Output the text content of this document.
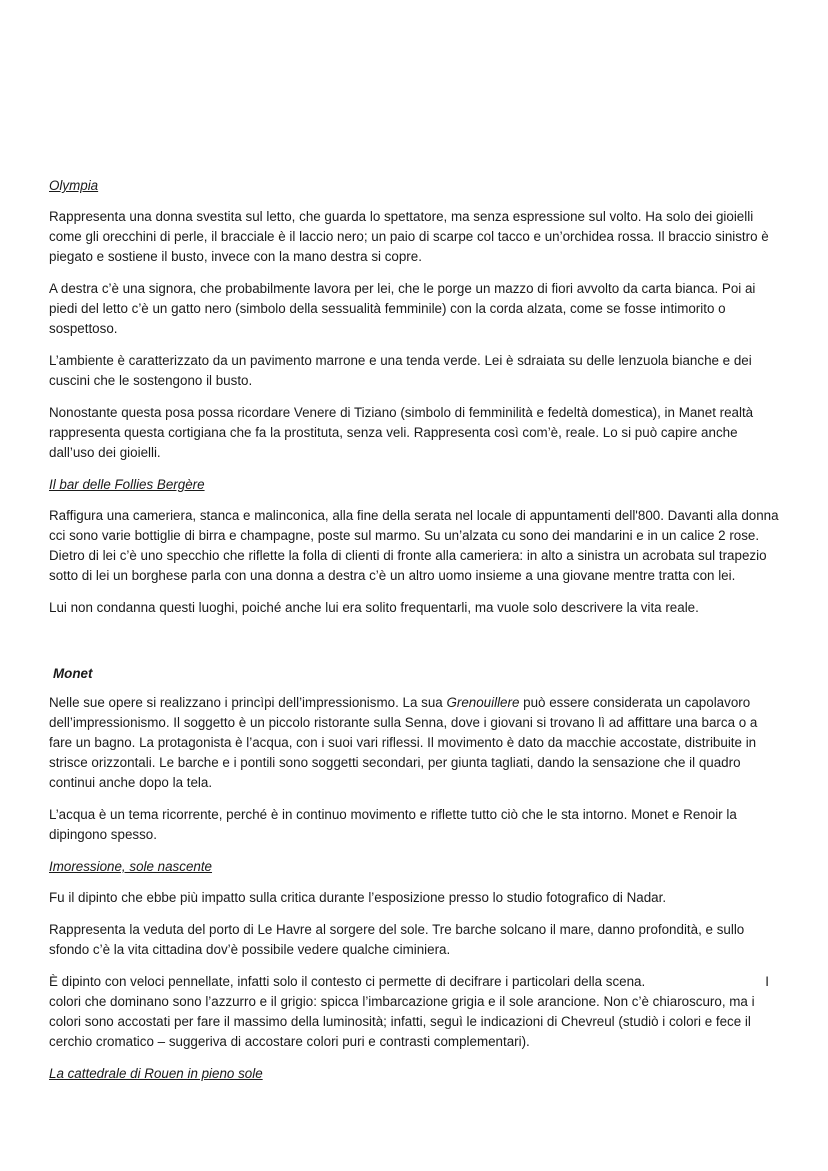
Olympia

Rappresenta una donna svestita sul letto, che guarda lo spettatore, ma senza espressione sul volto. Ha solo dei gioielli come gli orecchini di perle, il bracciale è il laccio nero; un paio di scarpe col tacco e un’orchidea rossa. Il braccio sinistro è piegato e sostiene il busto, invece con la mano destra si copre.

A destra c’è una signora, che probabilmente lavora per lei, che le porge un mazzo di fiori avvolto da carta bianca. Poi ai piedi del letto c’è un gatto nero (simbolo della sessualità femminile) con la corda alzata, come se fosse intimorito o sospettoso.

L’ambiente è caratterizzato da un pavimento marrone e una tenda verde. Lei è sdraiata su delle lenzuola bianche e dei cuscini che le sostengono il busto.

Nonostante questa posa possa ricordare Venere di Tiziano (simbolo di femminilità e fedeltà domestica), in Manet realtà rappresenta questa cortigiana che fa la prostituta, senza veli. Rappresenta così com’è, reale. Lo si può capire anche dall’uso dei gioielli.

Il bar delle Follies Bergère

Raffigura una cameriera, stanca e malinconica, alla fine della serata nel locale di appuntamenti dell'800. Davanti alla donna cci sono varie bottiglie di birra e champagne, poste sul marmo. Su un’alzata cu sono dei mandarini e in un calice 2 rose. Dietro di lei c’è uno specchio che riflette la folla di clienti di fronte alla cameriera: in alto a sinistra un acrobata sul trapezio sotto di lei un borghese parla con una donna a destra c’è un altro uomo insieme a una giovane mentre tratta con lei.

Lui non condanna questi luoghi, poiché anche lui era solito frequentarli, ma vuole solo descrivere la vita reale.

Monet

Nelle sue opere si realizzano i princìpi dell’impressionismo. La sua Grenouillere può essere considerata un capolavoro dell’impressionismo. Il soggetto è un piccolo ristorante sulla Senna, dove i giovani si trovano lì ad affittare una barca o a fare un bagno. La protagonista è l’acqua, con i suoi vari riflessi. Il movimento è dato da macchie accostate, distribuite in strisce orizzontali. Le barche e i pontili sono soggetti secondari, per giunta tagliati, dando la sensazione che il quadro continui anche dopo la tela.

L’acqua è un tema ricorrente, perché è in continuo movimento e riflette tutto ciò che le sta intorno. Monet e Renoir la dipingono spesso.

Imoressione, sole nascente

Fu il dipinto che ebbe più impatto sulla critica durante l’esposizione presso lo studio fotografico di Nadar.

Rappresenta la veduta del porto di Le Havre al sorgere del sole. Tre barche solcano il mare, danno profondità, e sullo sfondo c’è la vita cittadina dov’è possibile vedere qualche ciminiera.

È dipinto con veloci pennellate, infatti solo il contesto ci permette di decifrare i particolari della scena.	I colori che dominano sono l’azzurro e il grigio: spicca l’imbarcazione grigia e il sole arancione. Non c’è chiaroscuro, ma i colori sono accostati per fare il massimo della luminosità; infatti, seguì le indicazioni di Chevreul (studiò i colori e fece il cerchio cromatico – suggeriva di accostare colori puri e contrasti complementari).

La cattedrale di Rouen in pieno sole
